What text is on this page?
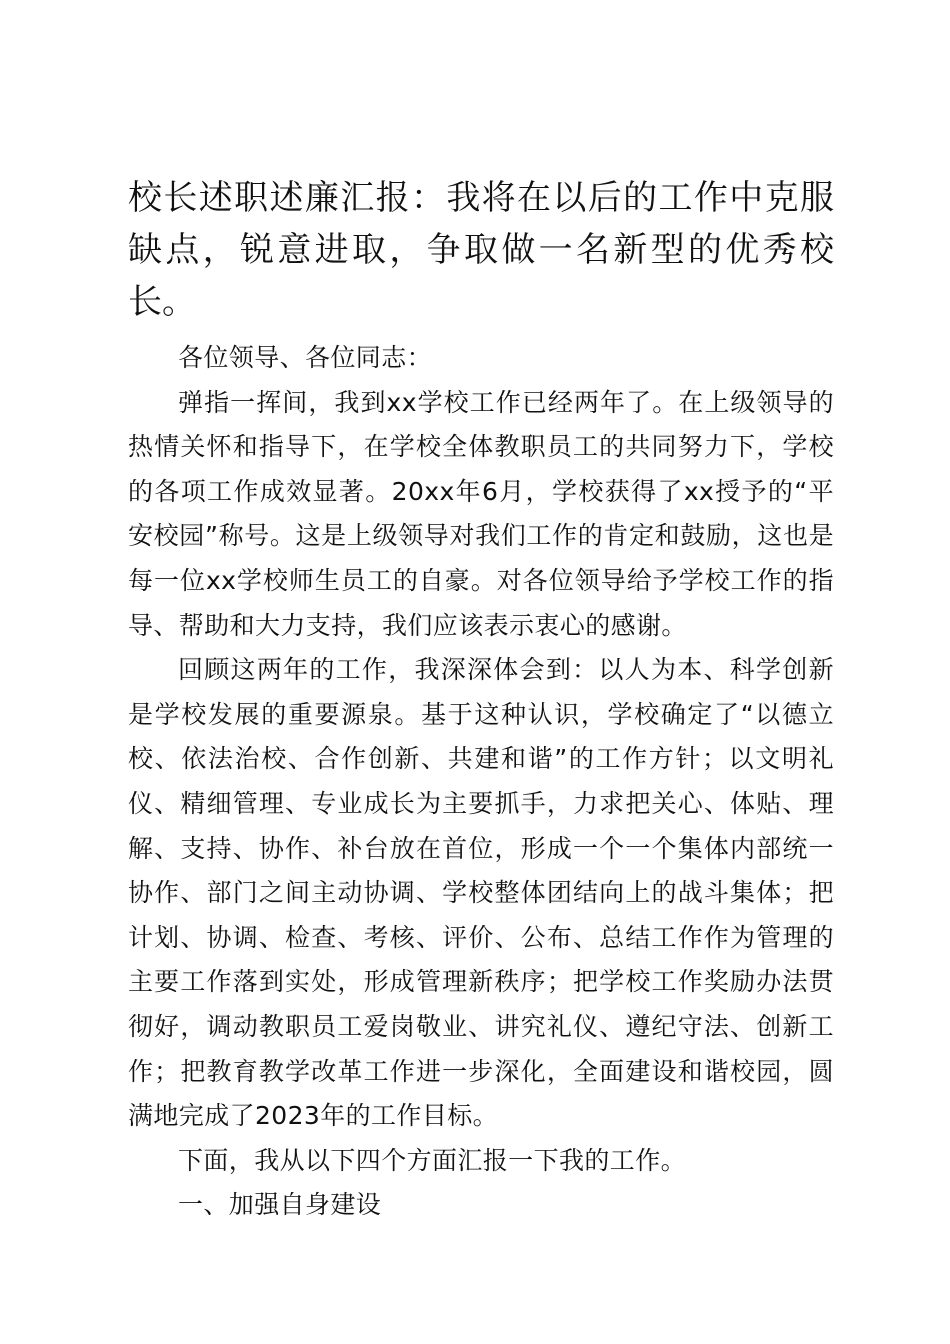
校长述职述廉汇报：我将在以后的工作中克服缺点，锐意进取，争取做一名新型的优秀校长。

各位领导、各位同志：

弹指一挥间，我到xx学校工作已经两年了。在上级领导的热情关怀和指导下，在学校全体教职员工的共同努力下，学校的各项工作成效显著。20xx年6月，学校获得了xx授予的“平安校园”称号。这是上级领导对我们工作的肯定和鼓励，这也是每一位xx学校师生员工的自豪。对各位领导给予学校工作的指导、帮助和大力支持，我们应该表示衷心的感谢。

回顾这两年的工作，我深深体会到：以人为本、科学创新是学校发展的重要源泉。基于这种认识，学校确定了“以德立校、依法治校、合作创新、共建和谐”的工作方针；以文明礼仪、精细管理、专业成长为主要抓手，力求把关心、体贴、理解、支持、协作、补台放在首位，形成一个一个集体内部统一协作、部门之间主动协调、学校整体团结向上的战斗集体；把计划、协调、检查、考核、评价、公布、总结工作作为管理的主要工作落到实处，形成管理新秩序；把学校工作奖励办法贯彻好，调动教职员工爱岗敬业、讲究礼仪、遵纪守法、创新工作；把教育教学改革工作进一步深化，全面建设和谐校园，圆满地完成了2023年的工作目标。

下面，我从以下四个方面汇报一下我的工作。

一、加强自身建设
